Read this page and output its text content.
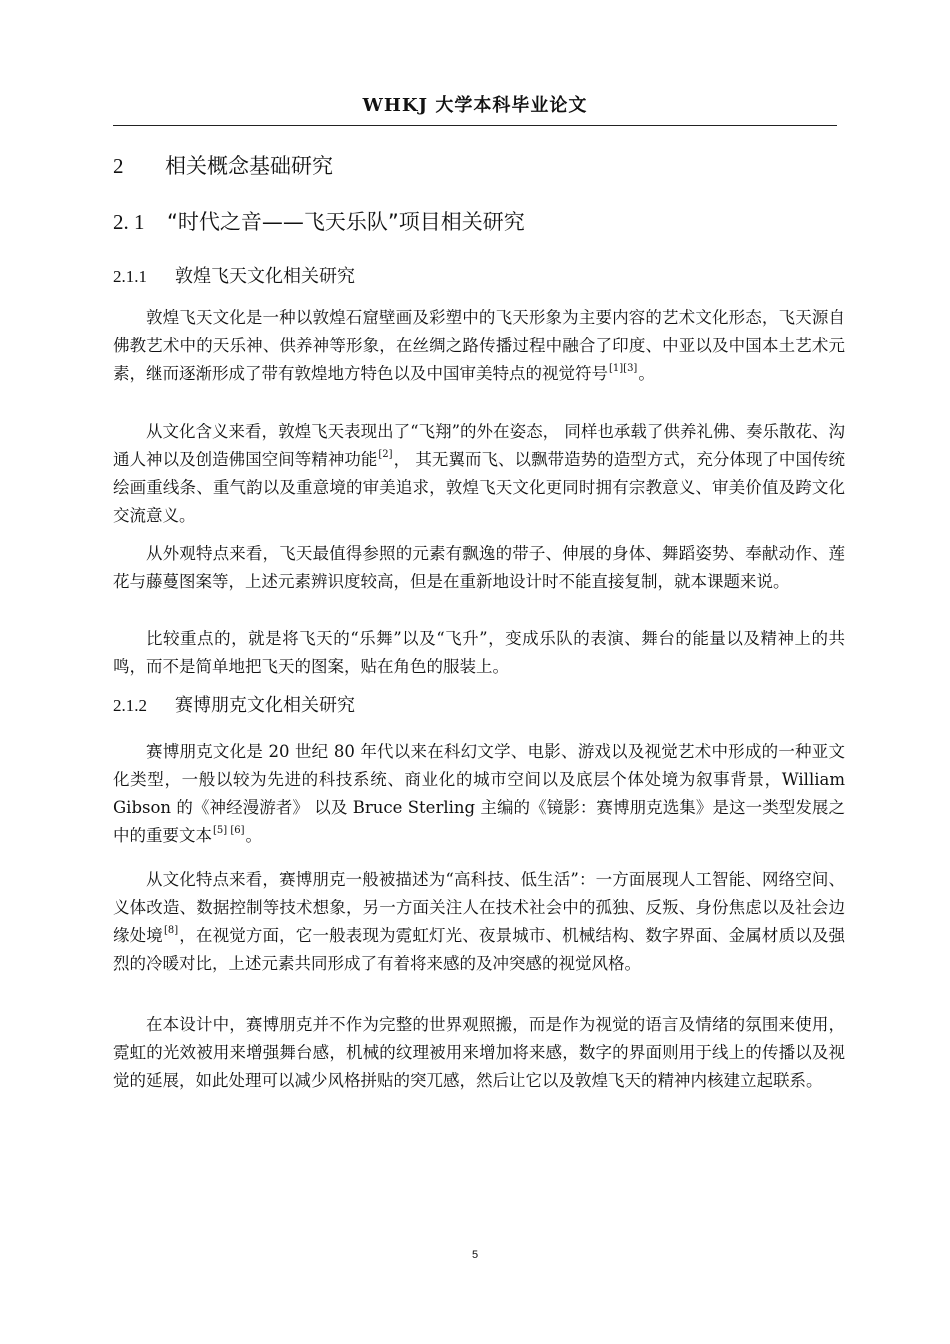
WHKJ 大学本科毕业论文
2 相关概念基础研究
2. 1 “时代之音——飞天乐队”项目相关研究
2.1.1 敦煌飞天文化相关研究

敦煌飞天文化是一种以敦煌石窟壁画及彩塑中的飞天形象为主要内容的艺术文化形态，飞天源自佛教艺术中的天乐神、供养神等形象，在丝绸之路传播过程中融合了印度、中亚以及中国本土艺术元素，继而逐渐形成了带有敦煌地方特色以及中国审美特点的视觉符号[1][3]。

从文化含义来看，敦煌飞天表现出了“飞翔”的外在姿态， 同样也承载了供养礼佛、奏乐散花、沟通人神以及创造佛国空间等精神功能[2]， 其无翼而飞、以飘带造势的造型方式，充分体现了中国传统绘画重线条、重气韵以及重意境的审美追求，敦煌飞天文化更同时拥有宗教意义、审美价值及跨文化交流意义。

从外观特点来看，飞天最值得参照的元素有飘逸的带子、伸展的身体、舞蹈姿势、奉献动作、莲花与藤蔓图案等，上述元素辨识度较高，但是在重新地设计时不能直接复制，就本课题来说。

比较重点的，就是将飞天的“乐舞”以及“飞升”，变成乐队的表演、舞台的能量以及精神上的共鸣，而不是简单地把飞天的图案，贴在角色的服装上。

2.1.2 赛博朋克文化相关研究

赛博朋克文化是 20 世纪 80 年代以来在科幻文学、电影、游戏以及视觉艺术中形成的一种亚文化类型，一般以较为先进的科技系统、商业化的城市空间以及底层个体处境为叙事背景，William Gibson 的《神经漫游者》 以及 Bruce Sterling 主编的《镜影：赛博朋克选集》是这一类型发展之中的重要文本[5] [6]。

从文化特点来看，赛博朋克一般被描述为“高科技、低生活”：一方面展现人工智能、网络空间、义体改造、数据控制等技术想象，另一方面关注人在技术社会中的孤独、反叛、身份焦虑以及社会边缘处境[8]，在视觉方面，它一般表现为霓虹灯光、夜景城市、机械结构、数字界面、金属材质以及强烈的冷暖对比，上述元素共同形成了有着将来感的及冲突感的视觉风格。

在本设计中，赛博朋克并不作为完整的世界观照搬，而是作为视觉的语言及情绪的氛围来使用，霓虹的光效被用来增强舞台感，机械的纹理被用来增加将来感，数字的界面则用于线上的传播以及视觉的延展，如此处理可以减少风格拼贴的突兀感，然后让它以及敦煌飞天的精神内核建立起联系。

5
